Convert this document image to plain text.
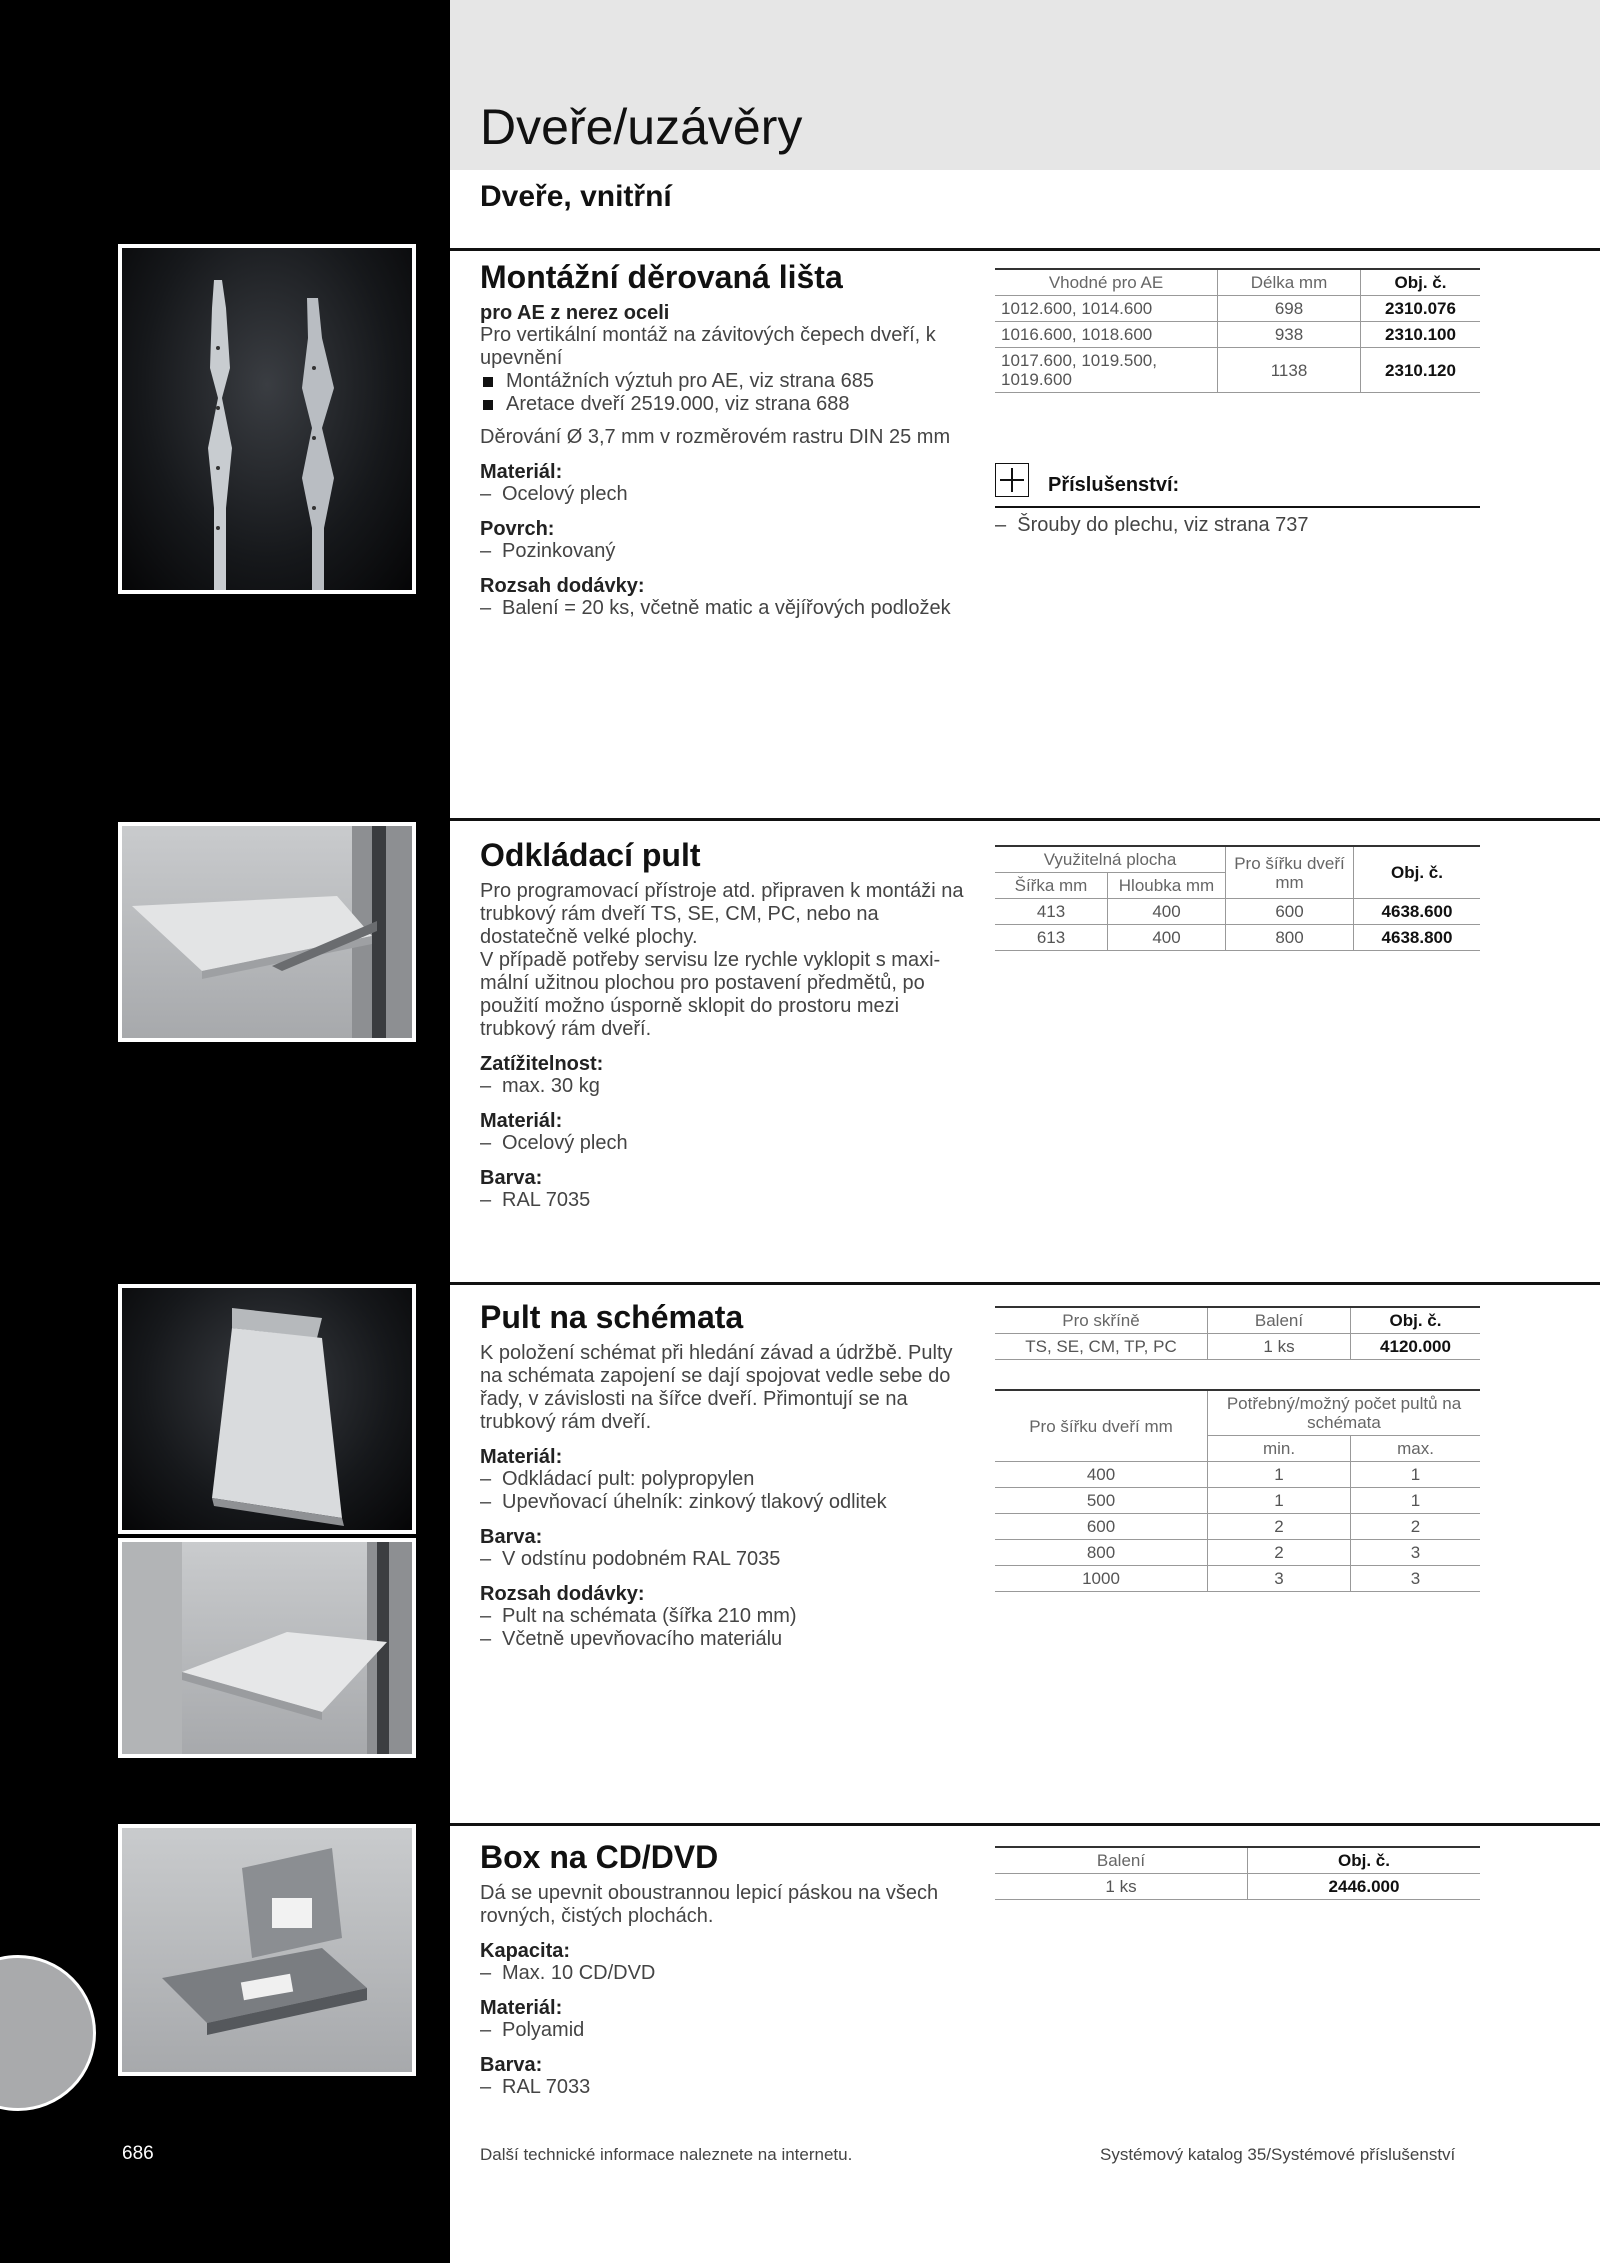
Dveře/uzávěry
Dveře, vnitřní
Montážní děrovaná lišta
pro AE z nerez oceli

Pro vertikální montáž na závitových čepech dveří, k upevnění

Montážních výztuh pro AE, viz strana 685
Aretace dveří 2519.000, viz strana 688

Děrování Ø 3,7 mm v rozměrovém rastru DIN 25 mm

Materiál:
– Ocelový plech
Povrch:
– Pozinkovaný
Rozsah dodávky:
– Balení = 20 ks, včetně matic a vějířových podložek
Vhodné pro AE	Délka mm	Obj. č.
1012.600, 1014.600	698	2310.076
1016.600, 1018.600	938	2310.100
1017.600, 1019.500, 1019.600	1138	2310.120
Příslušenství:
–  Šrouby do plechu, viz strana 737
Odkládací pult

Pro programovací přístroje atd. připraven k montáži na trubkový rám dveří TS, SE, CM, PC, nebo na dostatečně velké plochy.

V případě potřeby servisu lze rychle vyklopit s maxi- mální užitnou plochou pro postavení předmětů, po použití možno úsporně sklopit do prostoru mezi trubkový rám dveří.

Zatížitelnost:
– max. 30 kg
Materiál:
– Ocelový plech
Barva:
– RAL 7035
Využitelná plocha		Pro šířku dveří mm	Obj. č.
Šířka mm	Hloubka mm		
413	400	600	4638.600
613	400	800	4638.800
Pult na schémata

K položení schémat při hledání závad a údržbě. Pulty na schémata zapojení se dají spojovat vedle sebe do řady, v závislosti na šířce dveří. Přimontují se na trubkový rám dveří.

Materiál:
– Odkládací pult: polypropylen
– Upevňovací úhelník: zinkový tlakový odlitek
Barva:
– V odstínu podobném RAL 7035
Rozsah dodávky:
– Pult na schémata (šířka 210 mm)
– Včetně upevňovacího materiálu
Pro skříně	Balení	Obj. č.
TS, SE, CM, TP, PC	1 ks	4120.000
Pro šířku dveří mm	Potřebný/možný počet pultů na schémata	
	min.	max.
400	1	1
500	1	1
600	2	2
800	2	3
1000	3	3
Box na CD/DVD

Dá se upevnit oboustrannou lepicí páskou na všech rovných, čistých plochách.

Kapacita:
– Max. 10 CD/DVD
Materiál:
– Polyamid
Barva:
– RAL 7033
Balení	Obj. č.
1 ks	2446.000
686	Další technické informace naleznete na internetu.	Systémový katalog 35/Systémové příslušenství
